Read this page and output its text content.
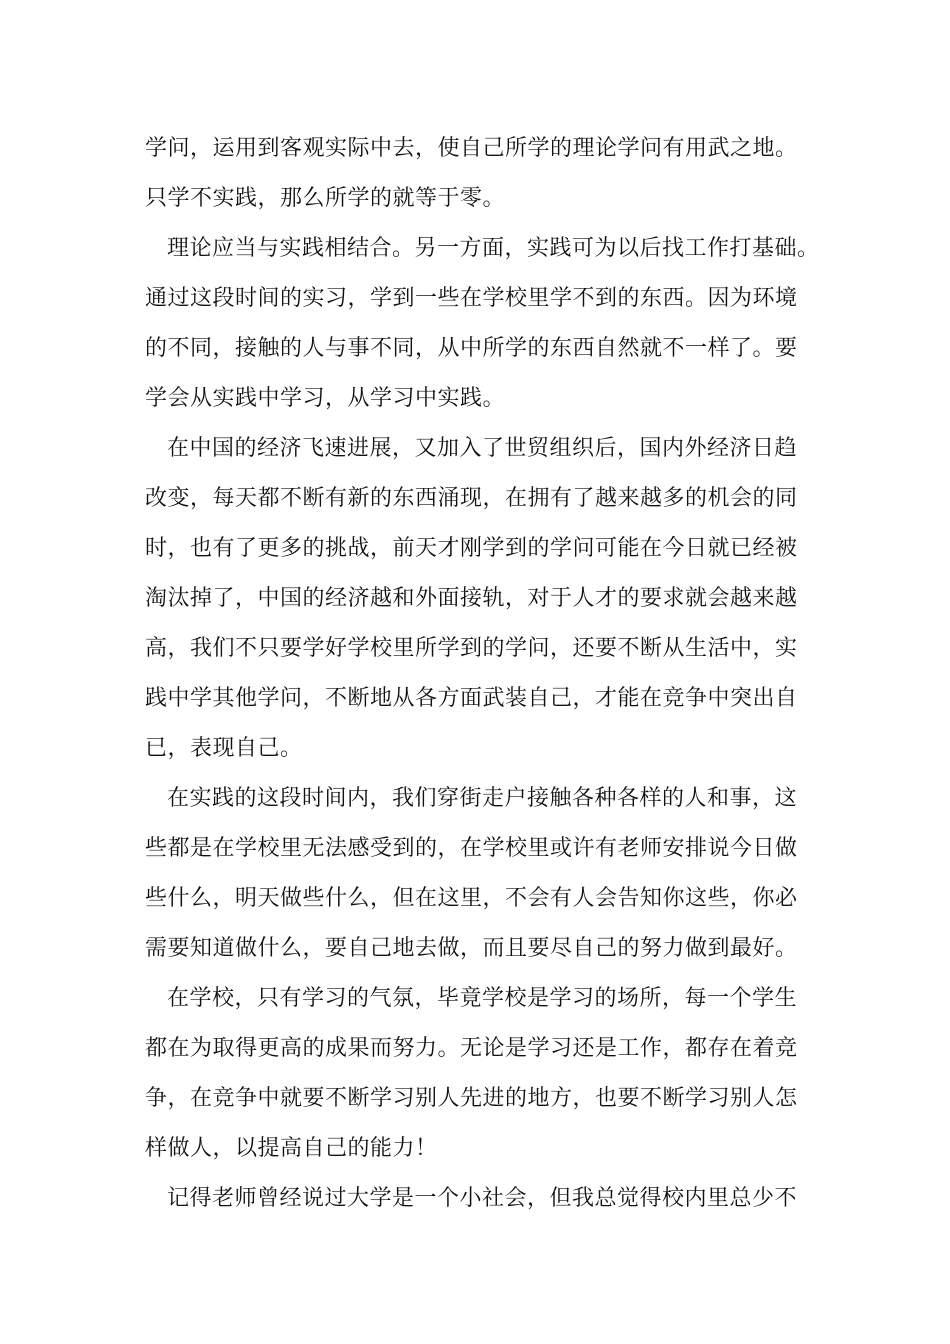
学问，运用到客观实际中去，使自己所学的理论学问有用武之地。
只学不实践，那么所学的就等于零。
理论应当与实践相结合。另一方面，实践可为以后找工作打基础。
通过这段时间的实习，学到一些在学校里学不到的东西。因为环境
的不同，接触的人与事不同，从中所学的东西自然就不一样了。要
学会从实践中学习，从学习中实践。
在中国的经济飞速进展，又加入了世贸组织后，国内外经济日趋
改变，每天都不断有新的东西涌现，在拥有了越来越多的机会的同
时，也有了更多的挑战，前天才刚学到的学问可能在今日就已经被
淘汰掉了，中国的经济越和外面接轨，对于人才的要求就会越来越
高，我们不只要学好学校里所学到的学问，还要不断从生活中，实
践中学其他学问，不断地从各方面武装自己，才能在竞争中突出自
已，表现自己。
在实践的这段时间内，我们穿街走户接触各种各样的人和事，这
些都是在学校里无法感受到的，在学校里或许有老师安排说今日做
些什么，明天做些什么，但在这里，不会有人会告知你这些，你必
需要知道做什么，要自己地去做，而且要尽自己的努力做到最好。
在学校，只有学习的气氛，毕竟学校是学习的场所，每一个学生
都在为取得更高的成果而努力。无论是学习还是工作，都存在着竞
争，在竞争中就要不断学习别人先进的地方，也要不断学习别人怎
样做人，以提高自己的能力！
记得老师曾经说过大学是一个小社会，但我总觉得校内里总少不
